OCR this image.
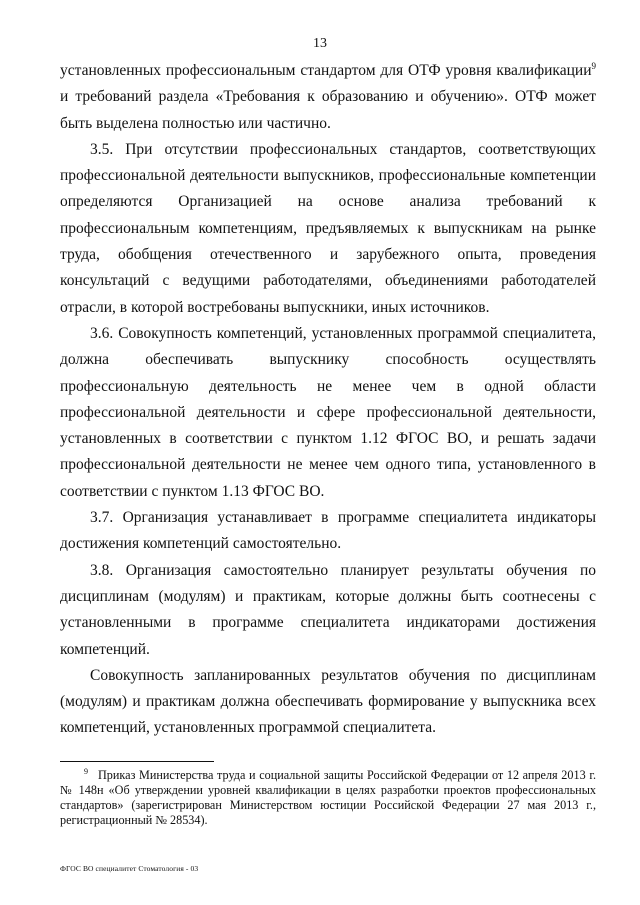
13

установленных профессиональным стандартом для ОТФ уровня квалификации$^9$ и требований раздела «Требования к образованию и обучению». ОТФ может быть выделена полностью или частично.

3.5. При отсутствии профессиональных стандартов, соответствующих профессиональной деятельности выпускников, профессиональные компетенции определяются Организацией на основе анализа требований к профессиональным компетенциям, предъявляемых к выпускникам на рынке труда, обобщения отечественного и зарубежного опыта, проведения консультаций с ведущими работодателями, объединениями работодателей отрасли, в которой востребованы выпускники, иных источников.

3.6. Совокупность компетенций, установленных программой специалитета, должна обеспечивать выпускнику способность осуществлять профессиональную деятельность не менее чем в одной области профессиональной деятельности и сфере профессиональной деятельности, установленных в соответствии с пунктом 1.12 ФГОС ВО, и решать задачи профессиональной деятельности не менее чем одного типа, установленного в соответствии с пунктом 1.13 ФГОС ВО.

3.7. Организация устанавливает в программе специалитета индикаторы достижения компетенций самостоятельно.

3.8. Организация самостоятельно планирует результаты обучения по дисциплинам (модулям) и практикам, которые должны быть соотнесены с установленными в программе специалитета индикаторами достижения компетенций.

Совокупность запланированных результатов обучения по дисциплинам (модулям) и практикам должна обеспечивать формирование у выпускника всех компетенций, установленных программой специалитета.

$^9$ Приказ Министерства труда и социальной защиты Российской Федерации от 12 апреля 2013 г. № 148н «Об утверждении уровней квалификации в целях разработки проектов профессиональных стандартов» (зарегистрирован Министерством юстиции Российской Федерации 27 мая 2013 г., регистрационный № 28534).
ФГОС ВО специалитет Стоматология - 03
